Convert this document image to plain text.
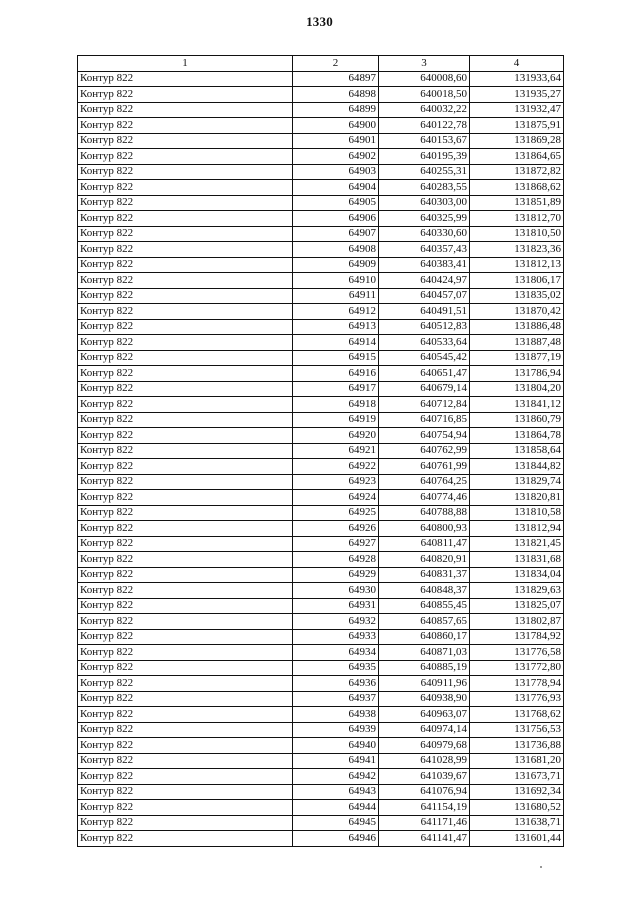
1330
1	2	3	4
Контур 822	64897	640008,60	131933,64
Контур 822	64898	640018,50	131935,27
Контур 822	64899	640032,22	131932,47
Контур 822	64900	640122,78	131875,91
Контур 822	64901	640153,67	131869,28
Контур 822	64902	640195,39	131864,65
Контур 822	64903	640255,31	131872,82
Контур 822	64904	640283,55	131868,62
Контур 822	64905	640303,00	131851,89
Контур 822	64906	640325,99	131812,70
Контур 822	64907	640330,60	131810,50
Контур 822	64908	640357,43	131823,36
Контур 822	64909	640383,41	131812,13
Контур 822	64910	640424,97	131806,17
Контур 822	64911	640457,07	131835,02
Контур 822	64912	640491,51	131870,42
Контур 822	64913	640512,83	131886,48
Контур 822	64914	640533,64	131887,48
Контур 822	64915	640545,42	131877,19
Контур 822	64916	640651,47	131786,94
Контур 822	64917	640679,14	131804,20
Контур 822	64918	640712,84	131841,12
Контур 822	64919	640716,85	131860,79
Контур 822	64920	640754,94	131864,78
Контур 822	64921	640762,99	131858,64
Контур 822	64922	640761,99	131844,82
Контур 822	64923	640764,25	131829,74
Контур 822	64924	640774,46	131820,81
Контур 822	64925	640788,88	131810,58
Контур 822	64926	640800,93	131812,94
Контур 822	64927	640811,47	131821,45
Контур 822	64928	640820,91	131831,68
Контур 822	64929	640831,37	131834,04
Контур 822	64930	640848,37	131829,63
Контур 822	64931	640855,45	131825,07
Контур 822	64932	640857,65	131802,87
Контур 822	64933	640860,17	131784,92
Контур 822	64934	640871,03	131776,58
Контур 822	64935	640885,19	131772,80
Контур 822	64936	640911,96	131778,94
Контур 822	64937	640938,90	131776,93
Контур 822	64938	640963,07	131768,62
Контур 822	64939	640974,14	131756,53
Контур 822	64940	640979,68	131736,88
Контур 822	64941	641028,99	131681,20
Контур 822	64942	641039,67	131673,71
Контур 822	64943	641076,94	131692,34
Контур 822	64944	641154,19	131680,52
Контур 822	64945	641171,46	131638,71
Контур 822	64946	641141,47	131601,44
